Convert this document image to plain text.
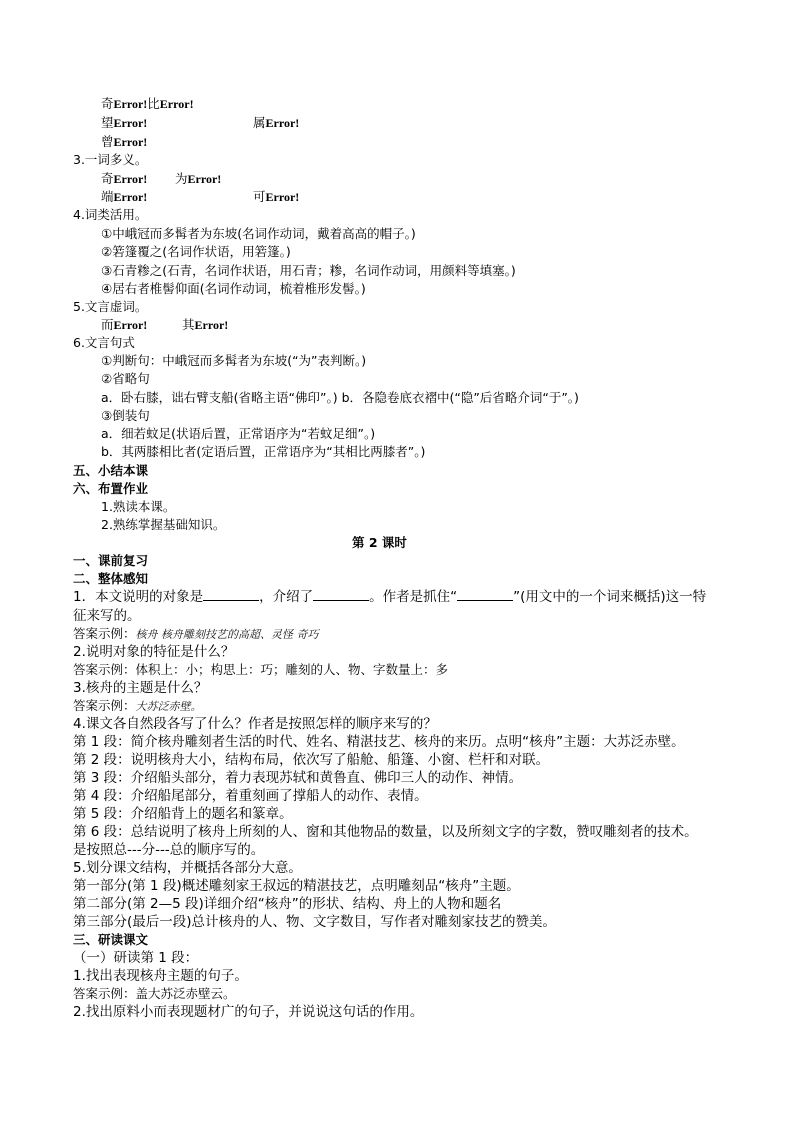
奇Error!比Error!
望Error!	属Error!
曾Error!
3.一词多义。
奇Error! 为Error!
端Error!	可Error!
4.词类活用。
①中峨冠而多髯者为东坡(名词作动词，戴着高高的帽子。)
②箬篷覆之(名词作状语，用箬篷。)
③石青糁之(石青，名词作状语，用石青；糁，名词作动词，用颜料等填塞。)
④居右者椎髻仰面(名词作动词，梳着椎形发髻。)
5.文言虚词。
而Error!	其Error!
6.文言句式
①判断句：中峨冠而多髯者为东坡(“为”表判断。)
②省略句
a．卧右膝，诎右臂支船(省略主语“佛印”。) b．各隐卷底衣褶中(“隐”后省略介词“于”。)
③倒装句
a．细若蚊足(状语后置，正常语序为“若蚊足细”。)
b．其两膝相比者(定语后置，正常语序为“其相比两膝者”。)
五、小结本课
六、布置作业
1.熟读本课。
2.熟练掌握基础知识。
第 2 课时
一、课前复习
二、整体感知
1．本文说明的对象是	，介绍了	。作者是抓住“	”(用文中的一个词来概括)这一特
征来写的。
答案示例：核舟 核舟雕刻技艺的高超、灵怪 奇巧
2.说明对象的特征是什么？
答案示例：体积上：小；构思上：巧；雕刻的人、物、字数量上：多
3.核舟的主题是什么？
答案示例：大苏泛赤壁。
4.课文各自然段各写了什么？作者是按照怎样的顺序来写的？
第 1 段：简介核舟雕刻者生活的时代、姓名、精湛技艺、核舟的来历。点明“核舟”主题：大苏泛赤壁。
第 2 段：说明核舟大小，结构布局，依次写了船舱、船篷、小窗、栏杆和对联。
第 3 段：介绍船头部分，着力表现苏轼和黄鲁直、佛印三人的动作、神情。
第 4 段：介绍船尾部分，着重刻画了撑船人的动作、表情。
第 5 段：介绍船背上的题名和篆章。
第 6 段：总结说明了核舟上所刻的人、窗和其他物品的数量，以及所刻文字的字数，赞叹雕刻者的技术。
是按照总---分---总的顺序写的。
5.划分课文结构，并概括各部分大意。
第一部分(第 1 段)概述雕刻家王叔远的精湛技艺，点明雕刻品“核舟”主题。
第二部分(第 2—5 段)详细介绍“核舟”的形状、结构、舟上的人物和题名
第三部分(最后一段)总计核舟的人、物、文字数目，写作者对雕刻家技艺的赞美。
三、研读课文
（一）研读第 1 段：
1.找出表现核舟主题的句子。
答案示例：盖大苏泛赤壁云。
2.找出原料小而表现题材广的句子，并说说这句话的作用。
